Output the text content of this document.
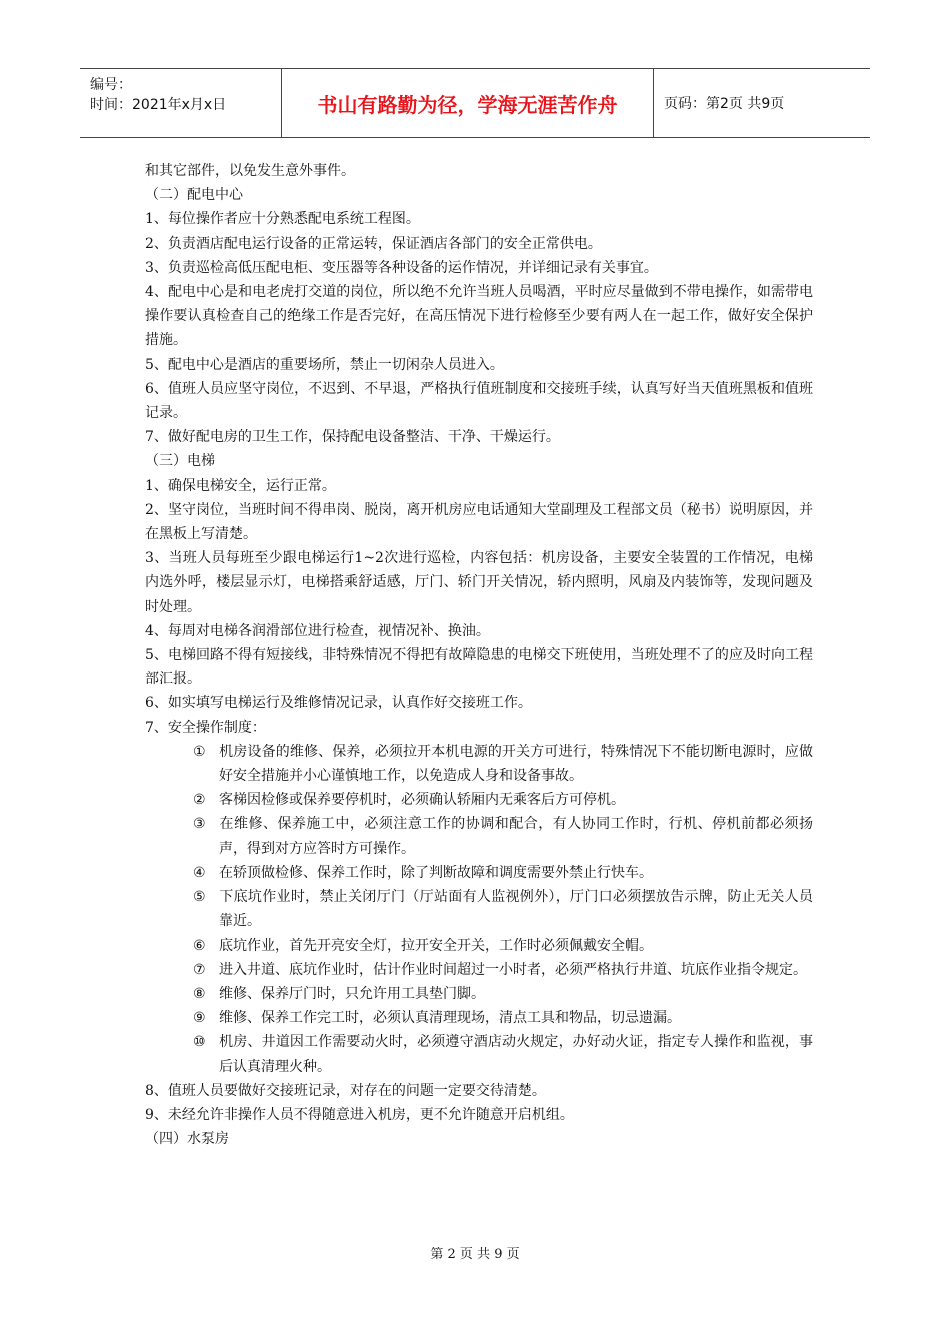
编号：
时间：2021年x月x日	书山有路勤为径，学海无涯苦作舟	页码：第2页 共9页

和其它部件，以免发生意外事件。

（二）配电中心

1、每位操作者应十分熟悉配电系统工程图。

2、负责酒店配电运行设备的正常运转，保证酒店各部门的安全正常供电。

3、负责巡检高低压配电柜、变压器等各种设备的运作情况，并详细记录有关事宜。

4、配电中心是和电老虎打交道的岗位，所以绝不允许当班人员喝酒，平时应尽量做到不带电操作，如需带电操作要认真检查自己的绝缘工作是否完好，在高压情况下进行检修至少要有两人在一起工作，做好安全保护措施。

5、配电中心是酒店的重要场所，禁止一切闲杂人员进入。

6、值班人员应坚守岗位，不迟到、不早退，严格执行值班制度和交接班手续，认真写好当天值班黑板和值班记录。

7、做好配电房的卫生工作，保持配电设备整洁、干净、干燥运行。

（三）电梯

1、确保电梯安全，运行正常。

2、坚守岗位，当班时间不得串岗、脱岗，离开机房应电话通知大堂副理及工程部文员（秘书）说明原因，并在黑板上写清楚。

3、当班人员每班至少跟电梯运行1~2次进行巡检，内容包括：机房设备，主要安全装置的工作情况，电梯内选外呼，楼层显示灯，电梯搭乘舒适感，厅门、轿门开关情况，轿内照明，风扇及内装饰等，发现问题及时处理。

4、每周对电梯各润滑部位进行检查，视情况补、换油。

5、电梯回路不得有短接线，非特殊情况不得把有故障隐患的电梯交下班使用，当班处理不了的应及时向工程部汇报。

6、如实填写电梯运行及维修情况记录，认真作好交接班工作。

7、安全操作制度：

① 机房设备的维修、保养，必须拉开本机电源的开关方可进行，特殊情况下不能切断电源时，应做好安全措施并小心谨慎地工作，以免造成人身和设备事故。

② 客梯因检修或保养要停机时，必须确认轿厢内无乘客后方可停机。

③ 在维修、保养施工中，必须注意工作的协调和配合，有人协同工作时，行机、停机前都必须扬声，得到对方应答时方可操作。

④ 在轿顶做检修、保养工作时，除了判断故障和调度需要外禁止行快车。

⑤ 下底坑作业时，禁止关闭厅门（厅站面有人监视例外），厅门口必须摆放告示牌，防止无关人员靠近。

⑥ 底坑作业，首先开亮安全灯，拉开安全开关，工作时必须佩戴安全帽。

⑦ 进入井道、底坑作业时，估计作业时间超过一小时者，必须严格执行井道、坑底作业指令规定。

⑧ 维修、保养厅门时，只允许用工具垫门脚。

⑨ 维修、保养工作完工时，必须认真清理现场，清点工具和物品，切忌遗漏。

⑩ 机房、井道因工作需要动火时，必须遵守酒店动火规定，办好动火证，指定专人操作和监视，事后认真清理火种。

8、值班人员要做好交接班记录，对存在的问题一定要交待清楚。

9、未经允许非操作人员不得随意进入机房，更不允许随意开启机组。

（四）水泵房

第 2 页 共 9 页
